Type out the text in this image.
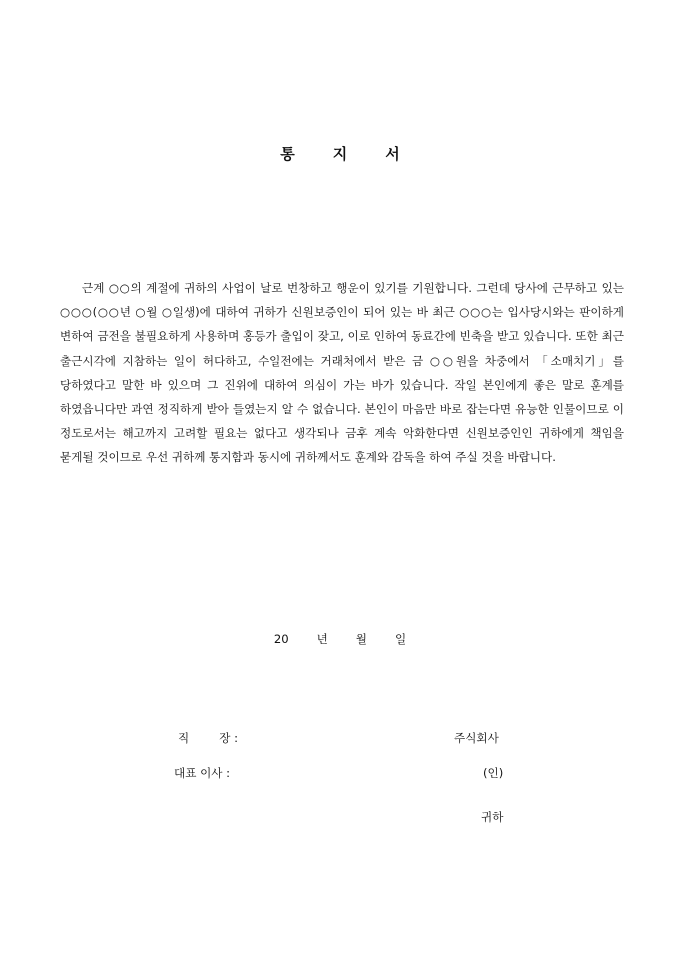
통	지	서

근계 ○○의 계절에 귀하의 사업이 날로 번창하고 행운이 있기를 기원합니다. 그런데 당사에 근무하고 있는 ○○○(○○년 ○월 ○일생)에 대하여 귀하가 신원보증인이 되어 있는 바 최근 ○○○는 입사당시와는 판이하게 변하여 금전을 불필요하게 사용하며 홍등가 출입이 잦고, 이로 인하여 동료간에 빈축을 받고 있습니다. 또한 최근 출근시각에 지참하는 일이 허다하고, 수일전에는 거래처에서 받은 금 ○○원을 차중에서 「소매치기」를 당하였다고 말한 바 있으며 그 진위에 대하여 의심이 가는 바가 있습니다. 작일 본인에게 좋은 말로 훈계를 하였읍니다만 과연 정직하게 받아 들였는지 알 수 없습니다. 본인이 마음만 바로 잡는다면 유능한 인물이므로 이 정도로서는 해고까지 고려할 필요는 없다고 생각되나 금후 계속 악화한다면 신원보증인인 귀하에게 책임을 묻게될 것이므로 우선 귀하께 통지함과 동시에 귀하께서도 훈계와 감독을 하여 주실 것을 바랍니다.

20 년 월 일
직	장 :	주식회사
대표 이사 :	(인)
귀하
